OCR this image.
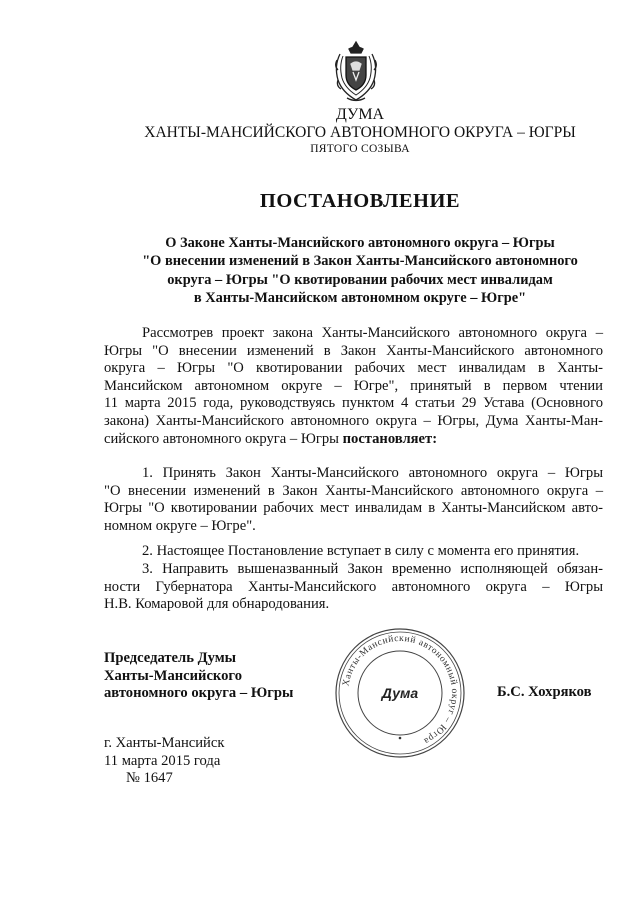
ДУМА
ХАНТЫ-МАНСИЙСКОГО АВТОНОМНОГО ОКРУГА – ЮГРЫ
ПЯТОГО СОЗЫВА
ПОСТАНОВЛЕНИЕ
О Законе Ханты-Мансийского автономного округа – Югры
"О внесении изменений в Закон Ханты-Мансийского автономного
округа – Югры "О квотировании рабочих мест инвалидам
в Ханты-Мансийском автономном округе – Югре"
Рассмотрев проект закона Ханты-Мансийского автономного округа –
Югры "О внесении изменений в Закон Ханты-Мансийского автономного
округа – Югры "О квотировании рабочих мест инвалидам в Ханты-
Мансийском автономном округе – Югре", принятый в первом чтении
11 марта 2015 года, руководствуясь пунктом 4 статьи 29 Устава (Основного
закона) Ханты-Мансийского автономного округа – Югры, Дума Ханты-Ман-
сийского автономного округа – Югры постановляет:
1. Принять Закон Ханты-Мансийского автономного округа – Югры
"О внесении изменений в Закон Ханты-Мансийского автономного округа –
Югры "О квотировании рабочих мест инвалидам в Ханты-Мансийском авто-
номном округе – Югре".
2. Настоящее Постановление вступает в силу с момента его принятия.
3. Направить вышеназванный Закон временно исполняющей обязан-
ности Губернатора Ханты-Мансийского автономного округа – Югры
Н.В. Комаровой для обнародования.
Председатель Думы
Ханты-Мансийского
автономного округа – Югры
Ханты-Мансийский автономный округ – Югра
Дума	Б.С. Хохряков
г. Ханты-Мансийск
11 марта 2015 года
№ 1647
